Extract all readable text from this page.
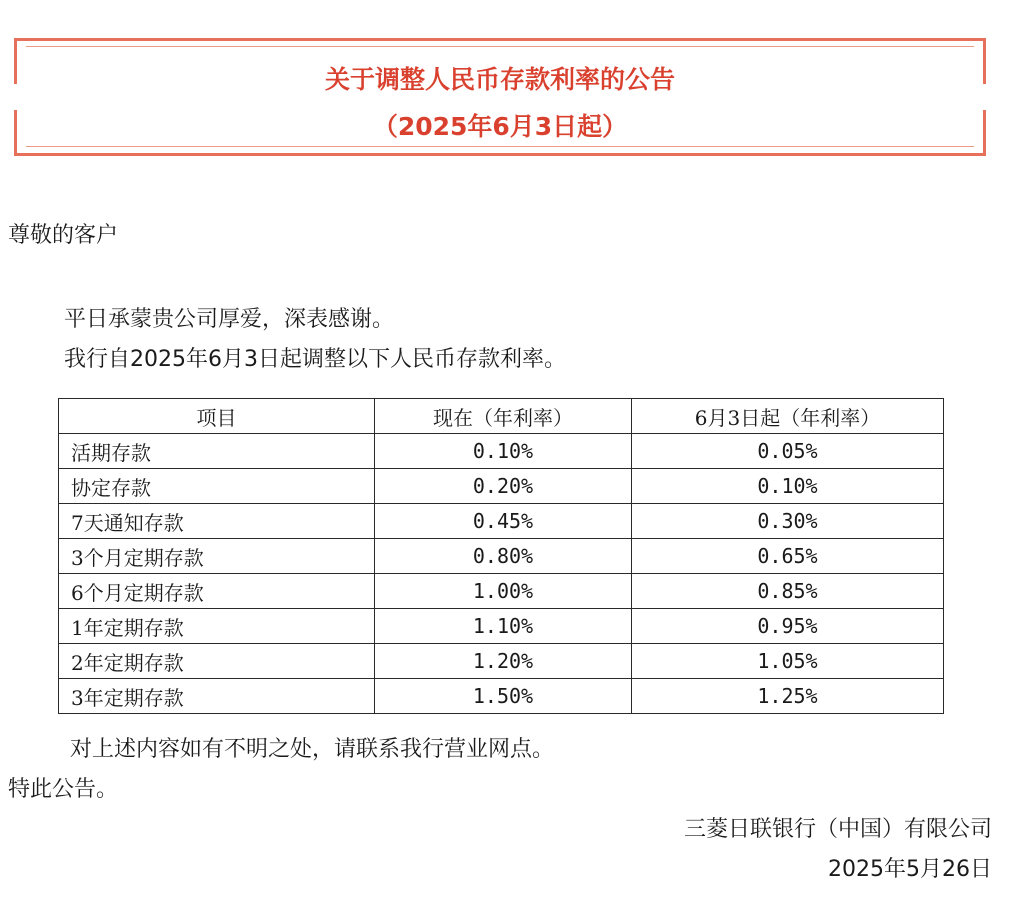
关于调整人民币存款利率的公告
（2025年6月3日起）
尊敬的客户
平日承蒙贵公司厚爱，深表感谢。
我行自2025年6月3日起调整以下人民币存款利率。
项目	现在（年利率）	6月3日起（年利率）
活期存款	0.10%	0.05%
协定存款	0.20%	0.10%
7天通知存款	0.45%	0.30%
3个月定期存款	0.80%	0.65%
6个月定期存款	1.00%	0.85%
1年定期存款	1.10%	0.95%
2年定期存款	1.20%	1.05%
3年定期存款	1.50%	1.25%
对上述内容如有不明之处，请联系我行营业网点。
特此公告。
三菱日联银行（中国）有限公司
2025年5月26日
